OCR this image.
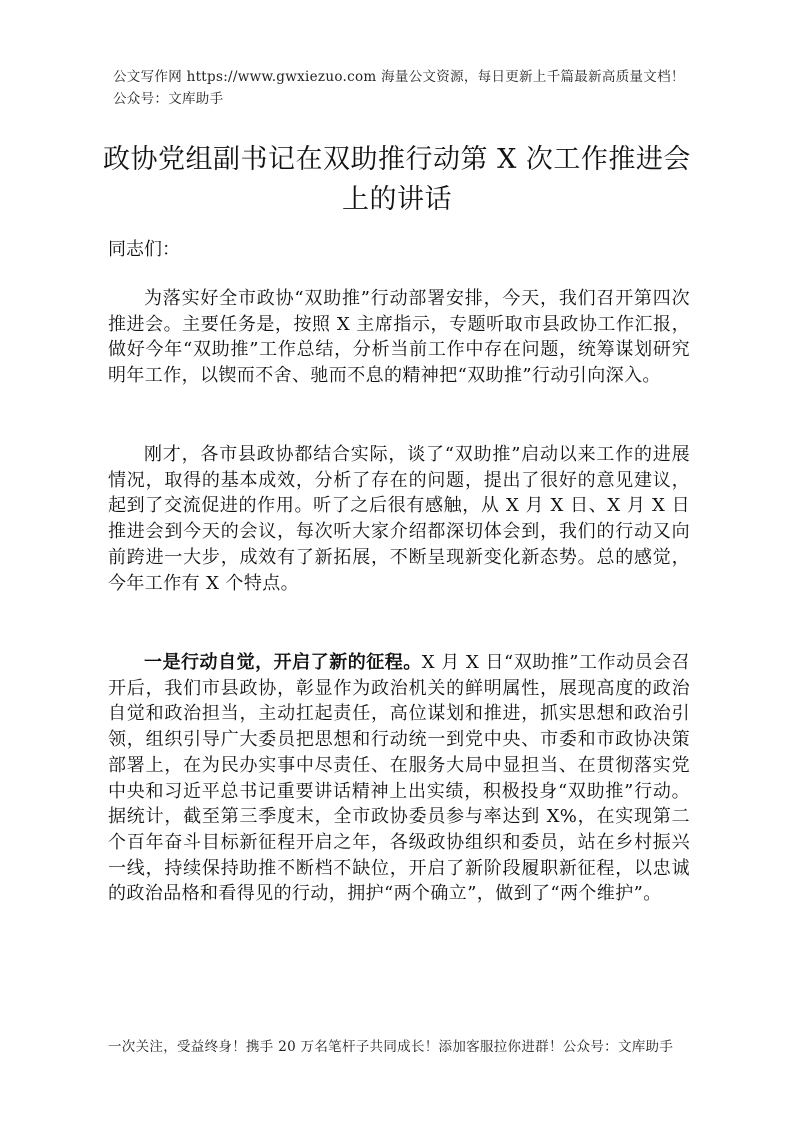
公文写作网 https://www.gwxiezuo.com 海量公文资源，每日更新上千篇最新高质量文档！ 公众号：文库助手
政协党组副书记在双助推行动第 X 次工作推进会上的讲话
同志们：
为落实好全市政协“双助推”行动部署安排，今天，我们召开第四次推进会。主要任务是，按照 X 主席指示，专题听取市县政协工作汇报，做好今年“双助推”工作总结，分析当前工作中存在问题，统筹谋划研究明年工作，以锲而不舍、驰而不息的精神把“双助推”行动引向深入。
刚才，各市县政协都结合实际，谈了“双助推”启动以来工作的进展情况，取得的基本成效，分析了存在的问题，提出了很好的意见建议，起到了交流促进的作用。听了之后很有感触，从 X 月 X 日、X 月 X 日推进会到今天的会议，每次听大家介绍都深切体会到，我们的行动又向前跨进一大步，成效有了新拓展，不断呈现新变化新态势。总的感觉，今年工作有 X 个特点。
一是行动自觉，开启了新的征程。X 月 X 日“双助推”工作动员会召开后，我们市县政协，彰显作为政治机关的鲜明属性，展现高度的政治自觉和政治担当，主动扛起责任，高位谋划和推进，抓实思想和政治引领，组织引导广大委员把思想和行动统一到党中央、市委和市政协决策部署上，在为民办实事中尽责任、在服务大局中显担当、在贯彻落实党中央和习近平总书记重要讲话精神上出实绩，积极投身“双助推”行动。据统计，截至第三季度末，全市政协委员参与率达到 X%，在实现第二个百年奋斗目标新征程开启之年，各级政协组织和委员，站在乡村振兴一线，持续保持助推不断档不缺位，开启了新阶段履职新征程，以忠诚的政治品格和看得见的行动，拥护“两个确立”，做到了“两个维护”。
一次关注，受益终身！携手 20 万名笔杆子共同成长！添加客服拉你进群！公众号：文库助手
